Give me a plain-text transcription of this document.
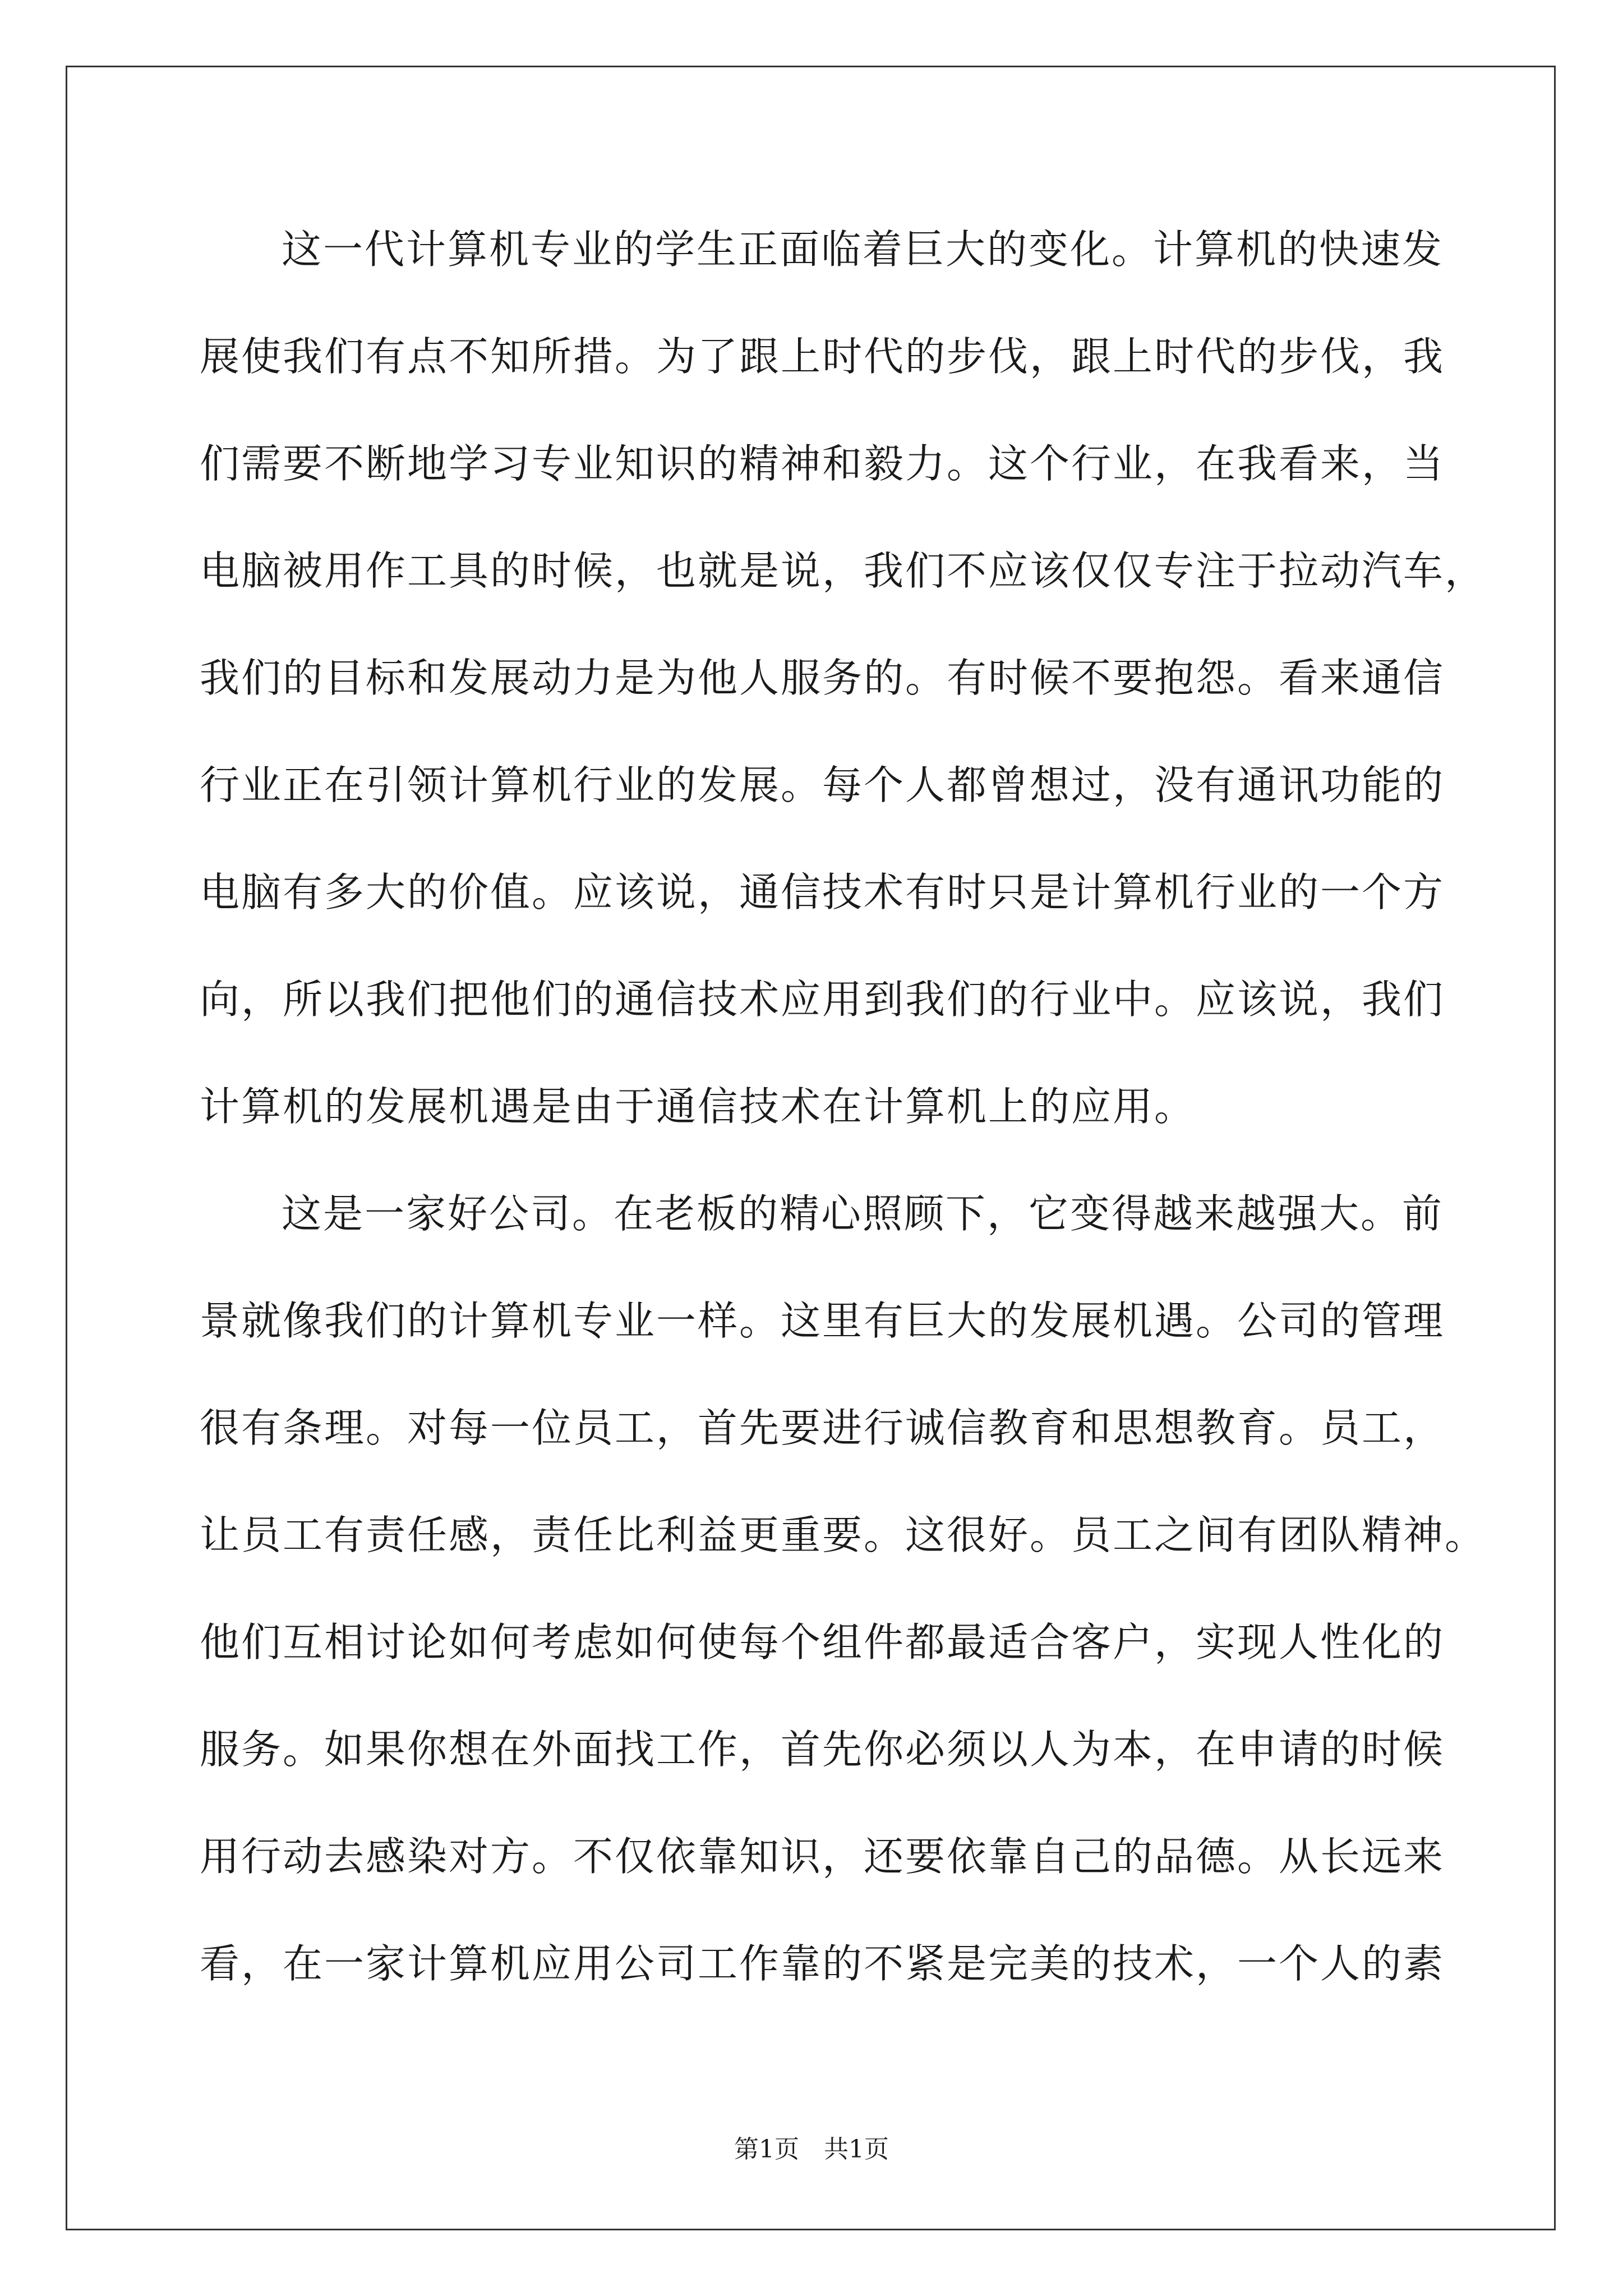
这一代计算机专业的学生正面临着巨大的变化。计算机的快速发
展使我们有点不知所措。为了跟上时代的步伐，跟上时代的步伐，我
们需要不断地学习专业知识的精神和毅力。这个行业，在我看来，当
电脑被用作工具的时候，也就是说，我们不应该仅仅专注于拉动汽车，
我们的目标和发展动力是为他人服务的。有时候不要抱怨。看来通信
行业正在引领计算机行业的发展。每个人都曾想过，没有通讯功能的
电脑有多大的价值。应该说，通信技术有时只是计算机行业的一个方
向，所以我们把他们的通信技术应用到我们的行业中。应该说，我们
计算机的发展机遇是由于通信技术在计算机上的应用。
这是一家好公司。在老板的精心照顾下，它变得越来越强大。前
景就像我们的计算机专业一样。这里有巨大的发展机遇。公司的管理
很有条理。对每一位员工，首先要进行诚信教育和思想教育。员工，
让员工有责任感，责任比利益更重要。这很好。员工之间有团队精神。
他们互相讨论如何考虑如何使每个组件都最适合客户，实现人性化的
服务。如果你想在外面找工作，首先你必须以人为本，在申请的时候
用行动去感染对方。不仅依靠知识，还要依靠自己的品德。从长远来
看，在一家计算机应用公司工作靠的不紧是完美的技术，一个人的素
第1页　共1页
